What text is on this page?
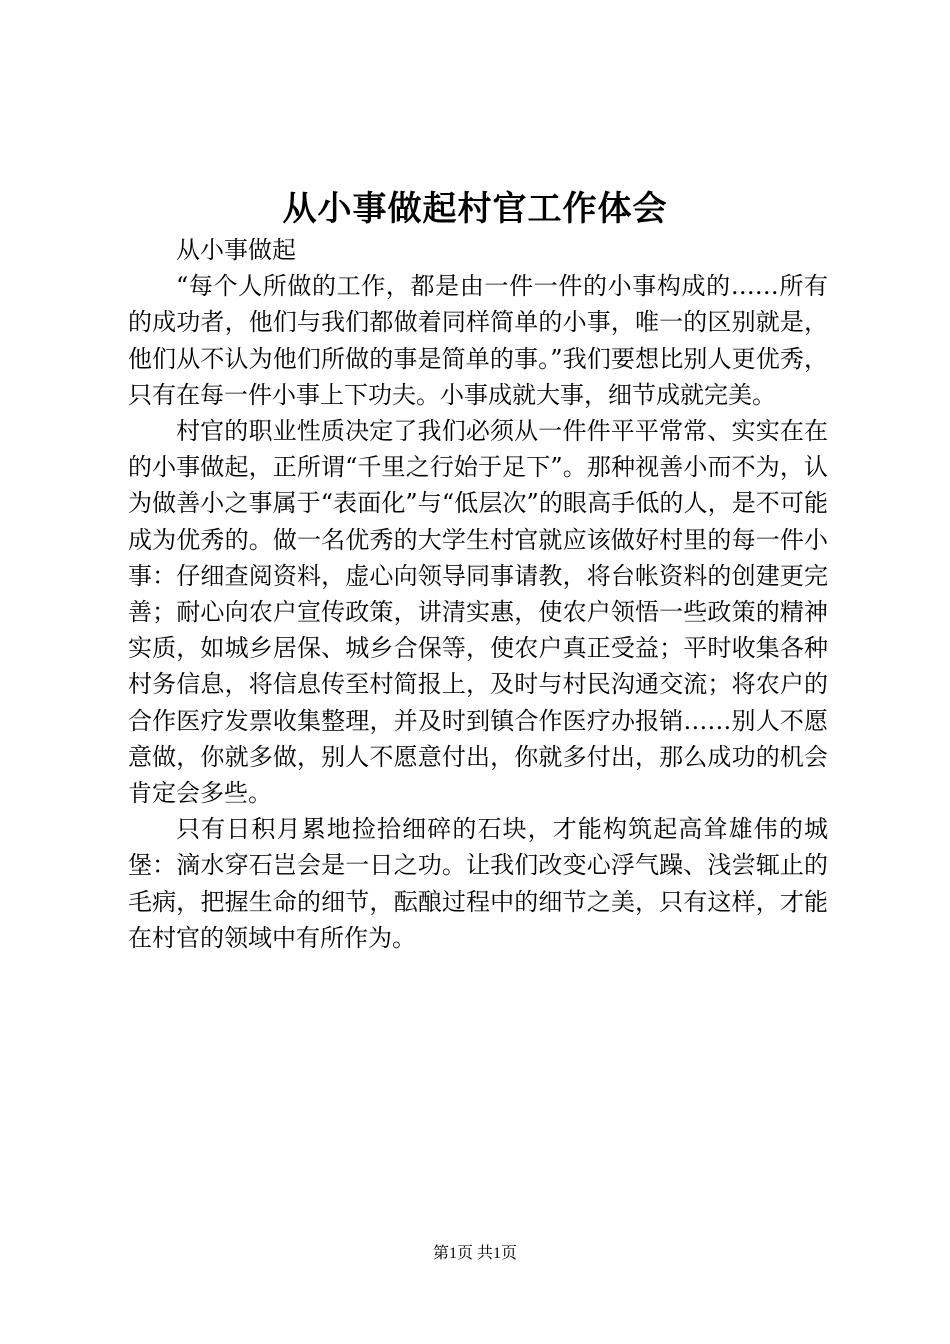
从小事做起村官工作体会

从小事做起

“每个人所做的工作，都是由一件一件的小事构成的……所有的成功者，他们与我们都做着同样简单的小事，唯一的区别就是，他们从不认为他们所做的事是简单的事。”我们要想比别人更优秀，只有在每一件小事上下功夫。小事成就大事，细节成就完美。

村官的职业性质决定了我们必须从一件件平平常常、实实在在的小事做起，正所谓“千里之行始于足下”。那种视善小而不为，认为做善小之事属于“表面化”与“低层次”的眼高手低的人，是不可能成为优秀的。做一名优秀的大学生村官就应该做好村里的每一件小事：仔细查阅资料，虚心向领导同事请教，将台帐资料的创建更完善；耐心向农户宣传政策，讲清实惠，使农户领悟一些政策的精神实质，如城乡居保、城乡合保等，使农户真正受益；平时收集各种村务信息，将信息传至村简报上，及时与村民沟通交流；将农户的合作医疗发票收集整理，并及时到镇合作医疗办报销……别人不愿意做，你就多做，别人不愿意付出，你就多付出，那么成功的机会肯定会多些。

只有日积月累地捡拾细碎的石块，才能构筑起高耸雄伟的城堡：滴水穿石岂会是一日之功。让我们改变心浮气躁、浅尝辄止的毛病，把握生命的细节，酝酿过程中的细节之美，只有这样，才能在村官的领域中有所作为。

第1页 共1页
